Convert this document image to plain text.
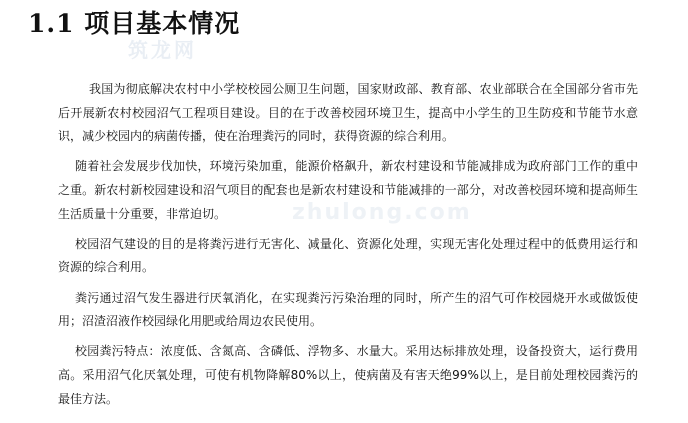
1.1 项目基本情况
筑龙网
zhulong.com

我国为彻底解决农村中小学校校园公厕卫生问题，国家财政部、教育部、农业部联合在全国部分省市先后开展新农村校园沼气工程项目建设。目的在于改善校园环境卫生，提高中小学生的卫生防疫和节能节水意识，减少校园内的病菌传播，使在治理粪污的同时，获得资源的综合利用。

随着社会发展步伐加快，环境污染加重，能源价格飙升，新农村建设和节能减排成为政府部门工作的重中之重。新农村新校园建设和沼气项目的配套也是新农村建设和节能减排的一部分，对改善校园环境和提高师生生活质量十分重要，非常迫切。

校园沼气建设的目的是将粪污进行无害化、减量化、资源化处理，实现无害化处理过程中的低费用运行和资源的综合利用。

粪污通过沼气发生器进行厌氧消化，在实现粪污污染治理的同时，所产生的沼气可作校园烧开水或做饭使用；沼渣沼液作校园绿化用肥或给周边农民使用。

校园粪污特点：浓度低、含氮高、含磷低、浮物多、水量大。采用达标排放处理，设备投资大，运行费用高。采用沼气化厌氧处理，可使有机物降解80%以上，使病菌及有害天绝99%以上，是目前处理校园粪污的最佳方法。
